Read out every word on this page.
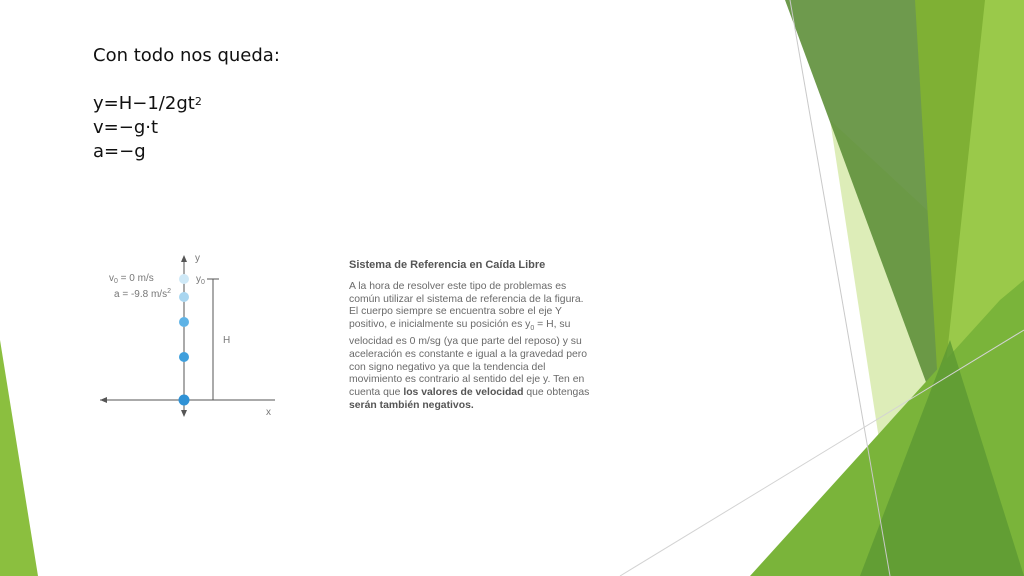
Con todo nos queda:
$y=H-1/2gt^2$
v=−g·t
a=−g
y
x
H
$y_0$
$v_0 = 0$ m/s
a = -9.8 $m/s^2$
Sistema de Referencia en Caída Libre
A la hora de resolver este tipo de problemas es común utilizar el sistema de referencia de la figura. El cuerpo siempre se encuentra sobre el eje Y positivo, e inicialmente su posición es $y_0 = H$, su velocidad es 0 m/sg (ya que parte del reposo) y su aceleración es constante e igual a la gravedad pero con signo negativo ya que la tendencia del movimiento es contrario al sentido del eje y. Ten en cuenta que los valores de velocidad que obtengas serán también negativos.
